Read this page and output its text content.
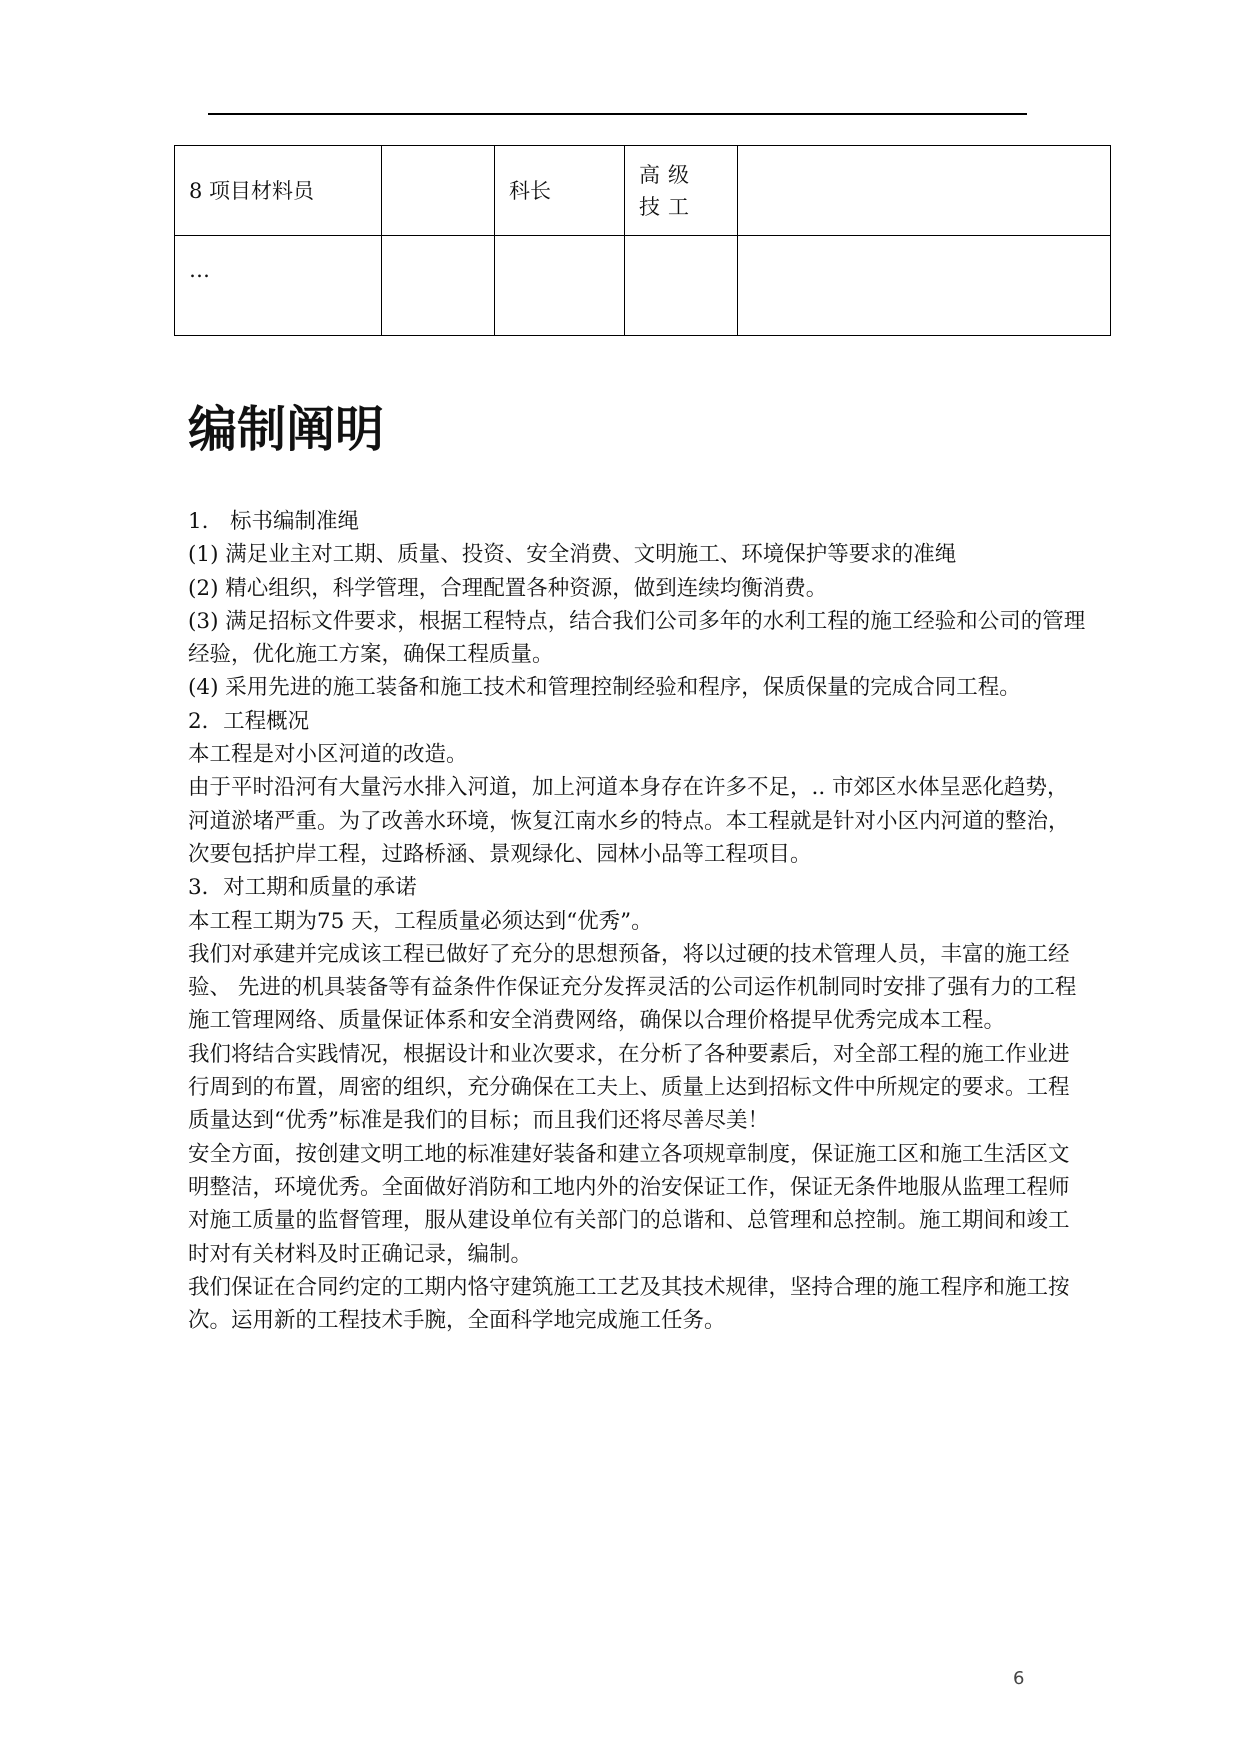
8 项目材料员		科长	高级技工	
…				
编制阐明

1.　标书编制准绳

(1) 满足业主对工期、质量、投资、安全消费、文明施工、环境保护等要求的准绳

(2) 精心组织，科学管理，合理配置各种资源，做到连续均衡消费。

(3) 满足招标文件要求，根据工程特点，结合我们公司多年的水利工程的施工经验和公司的管理经验，优化施工方案，确保工程质量。

(4) 采用先进的施工装备和施工技术和管理控制经验和程序，保质保量的完成合同工程。

2．工程概况

本工程是对小区河道的改造。

由于平时沿河有大量污水排入河道，加上河道本身存在许多不足，.. 市郊区水体呈恶化趋势，河道淤堵严重。为了改善水环境，恢复江南水乡的特点。本工程就是针对小区内河道的整治，次要包括护岸工程，过路桥涵、景观绿化、园林小品等工程项目。

3．对工期和质量的承诺

本工程工期为75 天，工程质量必须达到“优秀”。

我们对承建并完成该工程已做好了充分的思想预备，将以过硬的技术管理人员，丰富的施工经验、 先进的机具装备等有益条件作保证充分发挥灵活的公司运作机制同时安排了强有力的工程施工管理网络、质量保证体系和安全消费网络，确保以合理价格提早优秀完成本工程。

我们将结合实践情况，根据设计和业次要求，在分析了各种要素后，对全部工程的施工作业进行周到的布置，周密的组织，充分确保在工夫上、质量上达到招标文件中所规定的要求。工程质量达到“优秀”标准是我们的目标；而且我们还将尽善尽美！

安全方面，按创建文明工地的标准建好装备和建立各项规章制度，保证施工区和施工生活区文明整洁，环境优秀。全面做好消防和工地内外的治安保证工作，保证无条件地服从监理工程师对施工质量的监督管理，服从建设单位有关部门的总谐和、总管理和总控制。施工期间和竣工时对有关材料及时正确记录，编制。

我们保证在合同约定的工期内恪守建筑施工工艺及其技术规律，坚持合理的施工程序和施工按次。运用新的工程技术手腕，全面科学地完成施工任务。

6
